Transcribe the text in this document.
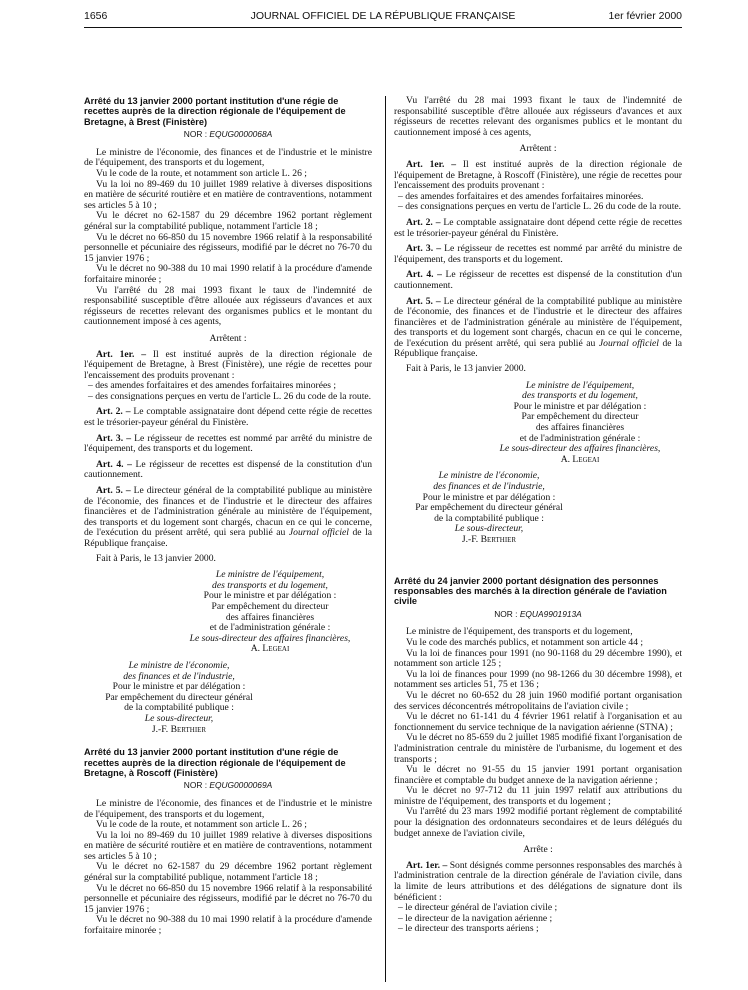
1656	JOURNAL OFFICIEL DE LA RÉPUBLIQUE FRANÇAISE	1er février 2000

Arrêté du 13 janvier 2000 portant institution d'une régie de recettes auprès de la direction régionale de l'équipement de Bretagne, à Brest (Finistère)

NOR : EQUG0000068A

Le ministre de l'économie, des finances et de l'industrie et le ministre de l'équipement, des transports et du logement,

Vu le code de la route, et notamment son article L. 26 ;

Vu la loi no 89-469 du 10 juillet 1989 relative à diverses dispositions en matière de sécurité routière et en matière de contraventions, notamment ses articles 5 à 10 ;

Vu le décret no 62-1587 du 29 décembre 1962 portant règlement général sur la comptabilité publique, notamment l'article 18 ;

Vu le décret no 66-850 du 15 novembre 1966 relatif à la responsabilité personnelle et pécuniaire des régisseurs, modifié par le décret no 76-70 du 15 janvier 1976 ;

Vu le décret no 90-388 du 10 mai 1990 relatif à la procédure d'amende forfaitaire minorée ;

Vu l'arrêté du 28 mai 1993 fixant le taux de l'indemnité de responsabilité susceptible d'être allouée aux régisseurs d'avances et aux régisseurs de recettes relevant des organismes publics et le montant du cautionnement imposé à ces agents,

Arrêtent :

Art. 1er. – Il est institué auprès de la direction régionale de l'équipement de Bretagne, à Brest (Finistère), une régie de recettes pour l'encaissement des produits provenant :

– des amendes forfaitaires et des amendes forfaitaires minorées ;

– des consignations perçues en vertu de l'article L. 26 du code de la route.

Art. 2. – Le comptable assignataire dont dépend cette régie de recettes est le trésorier-payeur général du Finistère.

Art. 3. – Le régisseur de recettes est nommé par arrêté du ministre de l'équipement, des transports et du logement.

Art. 4. – Le régisseur de recettes est dispensé de la constitution d'un cautionnement.

Art. 5. – Le directeur général de la comptabilité publique au ministère de l'économie, des finances et de l'industrie et le directeur des affaires financières et de l'administration générale au ministère de l'équipement, des transports et du logement sont chargés, chacun en ce qui le concerne, de l'exécution du présent arrêté, qui sera publié au Journal officiel de la République française.

Fait à Paris, le 13 janvier 2000.

Le ministre de l'équipement,

des transports et du logement,

Pour le ministre et par délégation :

Par empêchement du directeur

des affaires financières

et de l'administration générale :

Le sous-directeur des affaires financières,

A. Legeai

Le ministre de l'économie,

des finances et de l'industrie,

Pour le ministre et par délégation :

Par empêchement du directeur général

de la comptabilité publique :

Le sous-directeur,

J.-F. Berthier

Arrêté du 13 janvier 2000 portant institution d'une régie de recettes auprès de la direction régionale de l'équipement de Bretagne, à Roscoff (Finistère)

NOR : EQUG0000069A

Le ministre de l'économie, des finances et de l'industrie et le ministre de l'équipement, des transports et du logement,

Vu le code de la route, et notamment son article L. 26 ;

Vu la loi no 89-469 du 10 juillet 1989 relative à diverses dispositions en matière de sécurité routière et en matière de contraventions, notamment ses articles 5 à 10 ;

Vu le décret no 62-1587 du 29 décembre 1962 portant règlement général sur la comptabilité publique, notamment l'article 18 ;

Vu le décret no 66-850 du 15 novembre 1966 relatif à la responsabilité personnelle et pécuniaire des régisseurs, modifié par le décret no 76-70 du 15 janvier 1976 ;

Vu le décret no 90-388 du 10 mai 1990 relatif à la procédure d'amende forfaitaire minorée ;

Vu l'arrêté du 28 mai 1993 fixant le taux de l'indemnité de responsabilité susceptible d'être allouée aux régisseurs d'avances et aux régisseurs de recettes relevant des organismes publics et le montant du cautionnement imposé à ces agents,

Arrêtent :

Art. 1er. – Il est institué auprès de la direction régionale de l'équipement de Bretagne, à Roscoff (Finistère), une régie de recettes pour l'encaissement des produits provenant :

– des amendes forfaitaires et des amendes forfaitaires minorées.

– des consignations perçues en vertu de l'article L. 26 du code de la route.

Art. 2. – Le comptable assignataire dont dépend cette régie de recettes est le trésorier-payeur général du Finistère.

Art. 3. – Le régisseur de recettes est nommé par arrêté du ministre de l'équipement, des transports et du logement.

Art. 4. – Le régisseur de recettes est dispensé de la constitution d'un cautionnement.

Art. 5. – Le directeur général de la comptabilité publique au ministère de l'économie, des finances et de l'industrie et le directeur des affaires financières et de l'administration générale au ministère de l'équipement, des transports et du logement sont chargés, chacun en ce qui le concerne, de l'exécution du présent arrêté, qui sera publié au Journal officiel de la République française.

Fait à Paris, le 13 janvier 2000.

Le ministre de l'équipement,

des transports et du logement,

Pour le ministre et par délégation :

Par empêchement du directeur

des affaires financières

et de l'administration générale :

Le sous-directeur des affaires financières,

A. Legeai

Le ministre de l'économie,

des finances et de l'industrie,

Pour le ministre et par délégation :

Par empêchement du directeur général

de la comptabilité publique :

Le sous-directeur,

J.-F. Berthier

Arrêté du 24 janvier 2000 portant désignation des personnes responsables des marchés à la direction générale de l'aviation civile

NOR : EQUA9901913A

Le ministre de l'équipement, des transports et du logement,

Vu le code des marchés publics, et notamment son article 44 ;

Vu la loi de finances pour 1991 (no 90-1168 du 29 décembre 1990), et notamment son article 125 ;

Vu la loi de finances pour 1999 (no 98-1266 du 30 décembre 1998), et notamment ses articles 51, 75 et 136 ;

Vu le décret no 60-652 du 28 juin 1960 modifié portant organisation des services déconcentrés métropolitains de l'aviation civile ;

Vu le décret no 61-141 du 4 février 1961 relatif à l'organisation et au fonctionnement du service technique de la navigation aérienne (STNA) ;

Vu le décret no 85-659 du 2 juillet 1985 modifié fixant l'organisation de l'administration centrale du ministère de l'urbanisme, du logement et des transports ;

Vu le décret no 91-55 du 15 janvier 1991 portant organisation financière et comptable du budget annexe de la navigation aérienne ;

Vu le décret no 97-712 du 11 juin 1997 relatif aux attributions du ministre de l'équipement, des transports et du logement ;

Vu l'arrêté du 23 mars 1992 modifié portant règlement de comptabilité pour la désignation des ordonnateurs secondaires et de leurs délégués du budget annexe de l'aviation civile,

Arrête :

Art. 1er. – Sont désignés comme personnes responsables des marchés à l'administration centrale de la direction générale de l'aviation civile, dans la limite de leurs attributions et des délégations de signature dont ils bénéficient :

– le directeur général de l'aviation civile ;

– le directeur de la navigation aérienne ;

– le directeur des transports aériens ;
